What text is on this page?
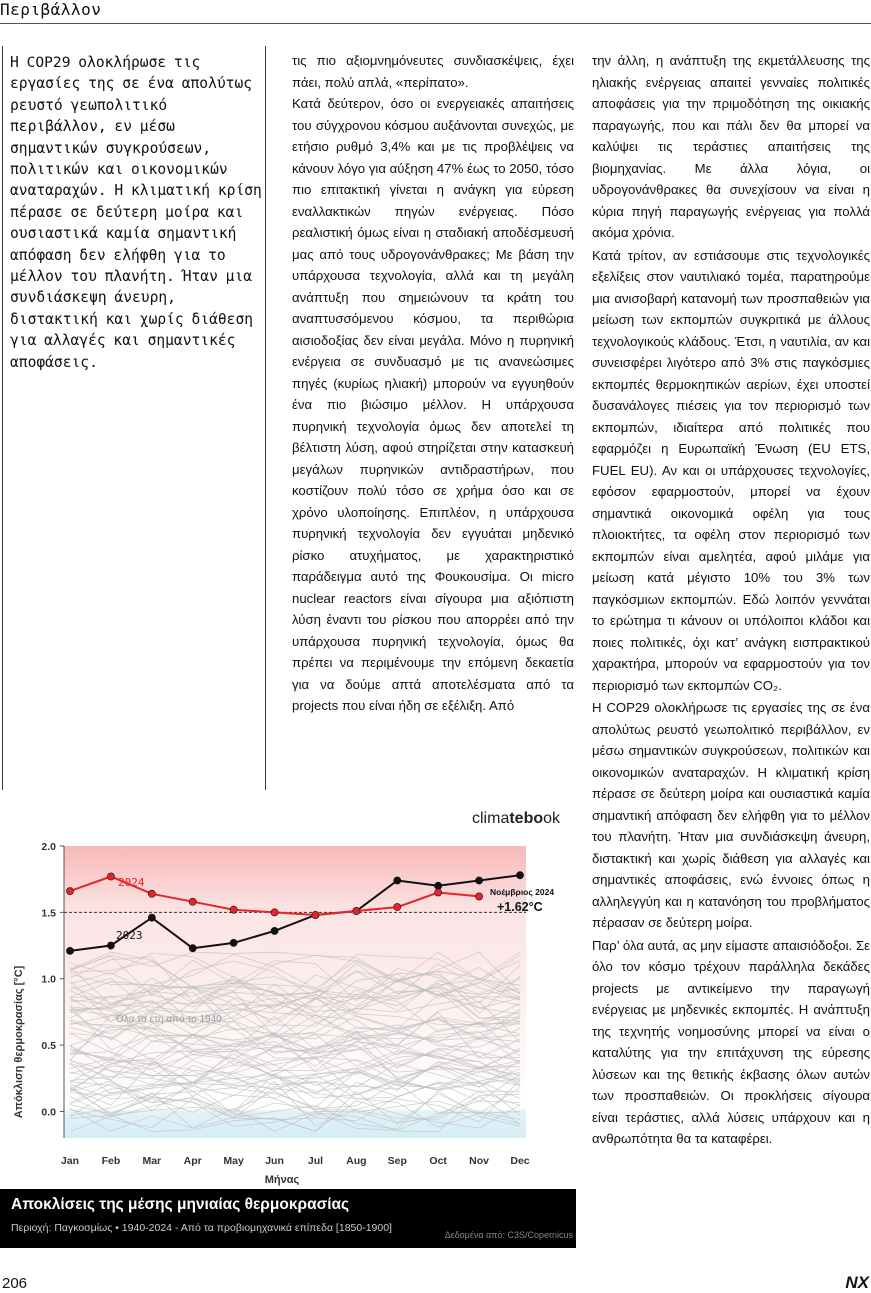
Περιβάλλον

Η COP29 ολοκλήρωσε τις εργασίες της σε ένα απολύτως ρευστό γεωπολιτικό περιβάλλον, εν μέσω σημαντικών συγκρούσεων, πολιτικών και οικονομικών αναταραχών. Η κλιματική κρίση πέρασε σε δεύτερη μοίρα και ουσιαστικά καμία σημαντική απόφαση δεν ελήφθη για το μέλλον του πλανήτη. Ήταν μια συνδιάσκεψη άνευρη, διστακτική και χωρίς διάθεση για αλλαγές και σημαντικές αποφάσεις.

τις πιο αξιομνημόνευτες συνδιασκέψεις, έχει πάει, πολύ απλά, «περίπατο».

Κατά δεύτερον, όσο οι ενεργειακές απαιτήσεις του σύγχρονου κόσμου αυξάνονται συνεχώς, με ετήσιο ρυθμό 3,4% και με τις προβλέψεις να κάνουν λόγο για αύξηση 47% έως το 2050, τόσο πιο επιτακτική γίνεται η ανάγκη για εύρεση εναλλακτικών πηγών ενέργειας. Πόσο ρεαλιστική όμως είναι η σταδιακή αποδέσμευσή μας από τους υδρογονάνθρακες; Με βάση την υπάρχουσα τεχνολογία, αλλά και τη μεγάλη ανάπτυξη που σημειώνουν τα κράτη του αναπτυσσόμενου κόσμου, τα περιθώρια αισιοδοξίας δεν είναι μεγάλα. Μόνο η πυρηνική ενέργεια σε συνδυασμό με τις ανανεώσιμες πηγές (κυρίως ηλιακή) μπορούν να εγγυηθούν ένα πιο βιώσιμο μέλλον. Η υπάρχουσα πυρηνική τεχνολογία όμως δεν αποτελεί τη βέλτιστη λύση, αφού στηρίζεται στην κατασκευή μεγάλων πυρηνικών αντιδραστήρων, που κοστίζουν πολύ τόσο σε χρήμα όσο και σε χρόνο υλοποίησης. Επιπλέον, η υπάρχουσα πυρηνική τεχνολογία δεν εγγυάται μηδενικό ρίσκο ατυχήματος, με χαρακτηριστικό παράδειγμα αυτό της Φουκουσίμα. Οι micro nuclear reactors είναι σίγουρα μια αξιόπιστη λύση έναντι του ρίσκου που απορρέει από την υπάρχουσα πυρηνική τεχνολογία, όμως θα πρέπει να περιμένουμε την επόμενη δεκαετία για να δούμε απτά αποτελέσματα από τα projects που είναι ήδη σε εξέλιξη. Από

την άλλη, η ανάπτυξη της εκμετάλλευσης της ηλιακής ενέργειας απαιτεί γενναίες πολιτικές αποφάσεις για την πριμοδότηση της οικιακής παραγωγής, που και πάλι δεν θα μπορεί να καλύψει τις τεράστιες απαιτήσεις της βιομηχανίας. Με άλλα λόγια, οι υδρογονάνθρακες θα συνεχίσουν να είναι η κύρια πηγή παραγωγής ενέργειας για πολλά ακόμα χρόνια.

Κατά τρίτον, αν εστιάσουμε στις τεχνολογικές εξελίξεις στον ναυτιλιακό τομέα, παρατηρούμε μια ανισοβαρή κατανομή των προσπαθειών για μείωση των εκπομπών συγκριτικά με άλλους τεχνολογικούς κλάδους. Έτσι, η ναυτιλία, αν και συνεισφέρει λιγότερο από 3% στις παγκόσμιες εκπομπές θερμοκηπικών αερίων, έχει υποστεί δυσανάλογες πιέσεις για τον περιορισμό των εκπομπών, ιδιαίτερα από πολιτικές που εφαρμόζει η Ευρωπαϊκή Ένωση (EU ETS, FUEL EU). Αν και οι υπάρχουσες τεχνολογίες, εφόσον εφαρμοστούν, μπορεί να έχουν σημαντικά οικονομικά οφέλη για τους πλοιοκτήτες, τα οφέλη στον περιορισμό των εκπομπών είναι αμελητέα, αφού μιλάμε για μείωση κατά μέγιστο 10% του 3% των παγκόσμιων εκπομπών. Εδώ λοιπόν γεννάται το ερώτημα τι κάνουν οι υπόλοιποι κλάδοι και ποιες πολιτικές, όχι κατ’ ανάγκη εισπρακτικού χαρακτήρα, μπορούν να εφαρμοστούν για τον περιορισμό των εκπομπών CO₂.

Η COP29 ολοκλήρωσε τις εργασίες της σε ένα απολύτως ρευστό γεωπολιτικό περιβάλλον, εν μέσω σημαντικών συγκρούσεων, πολιτικών και οικονομικών αναταραχών. Η κλιματική κρίση πέρασε σε δεύτερη μοίρα και ουσιαστικά καμία σημαντική απόφαση δεν ελήφθη για το μέλλον του πλανήτη. Ήταν μια συνδιάσκεψη άνευρη, διστακτική και χωρίς διάθεση για αλλαγές και σημαντικές αποφάσεις, ενώ έννοιες όπως η αλληλεγγύη και η κατανόηση του προβλήματος πέρασαν σε δεύτερη μοίρα.

Παρ’ όλα αυτά, ας μην είμαστε απαισιόδοξοι. Σε όλο τον κόσμο τρέχουν παράλληλα δεκάδες projects με αντικείμενο την παραγωγή ενέργειας με μηδενικές εκπομπές. Η ανάπτυξη της τεχνητής νοημοσύνης μπορεί να είναι ο καταλύτης για την επιτάχυνση της εύρεσης λύσεων και της θετικής έκβασης όλων αυτών των προσπαθειών. Οι προκλήσεις σίγουρα είναι τεράστιες, αλλά λύσεις υπάρχουν και η ανθρωπότητα θα τα καταφέρει.

climatebook
0.0
0.5
1.0
1.5
2.0
Jan Feb Mar Apr May Jun Jul Aug Sep Oct Nov Dec
Όλα τα έτη από το 1940
2024
2023
Νοέμβριος 2024
+1.62°C
Απόκλιση θερμοκρασίας [°C]
Μήνας
Αποκλίσεις της μέσης μηνιαίας θερμοκρασίας
Περιοχή: Παγκοσμίως • 1940-2024 - Από τα προβιομηχανικά επίπεδα [1850-1900]
Δεδομένα από: C3S/Copernicus
206	NX
